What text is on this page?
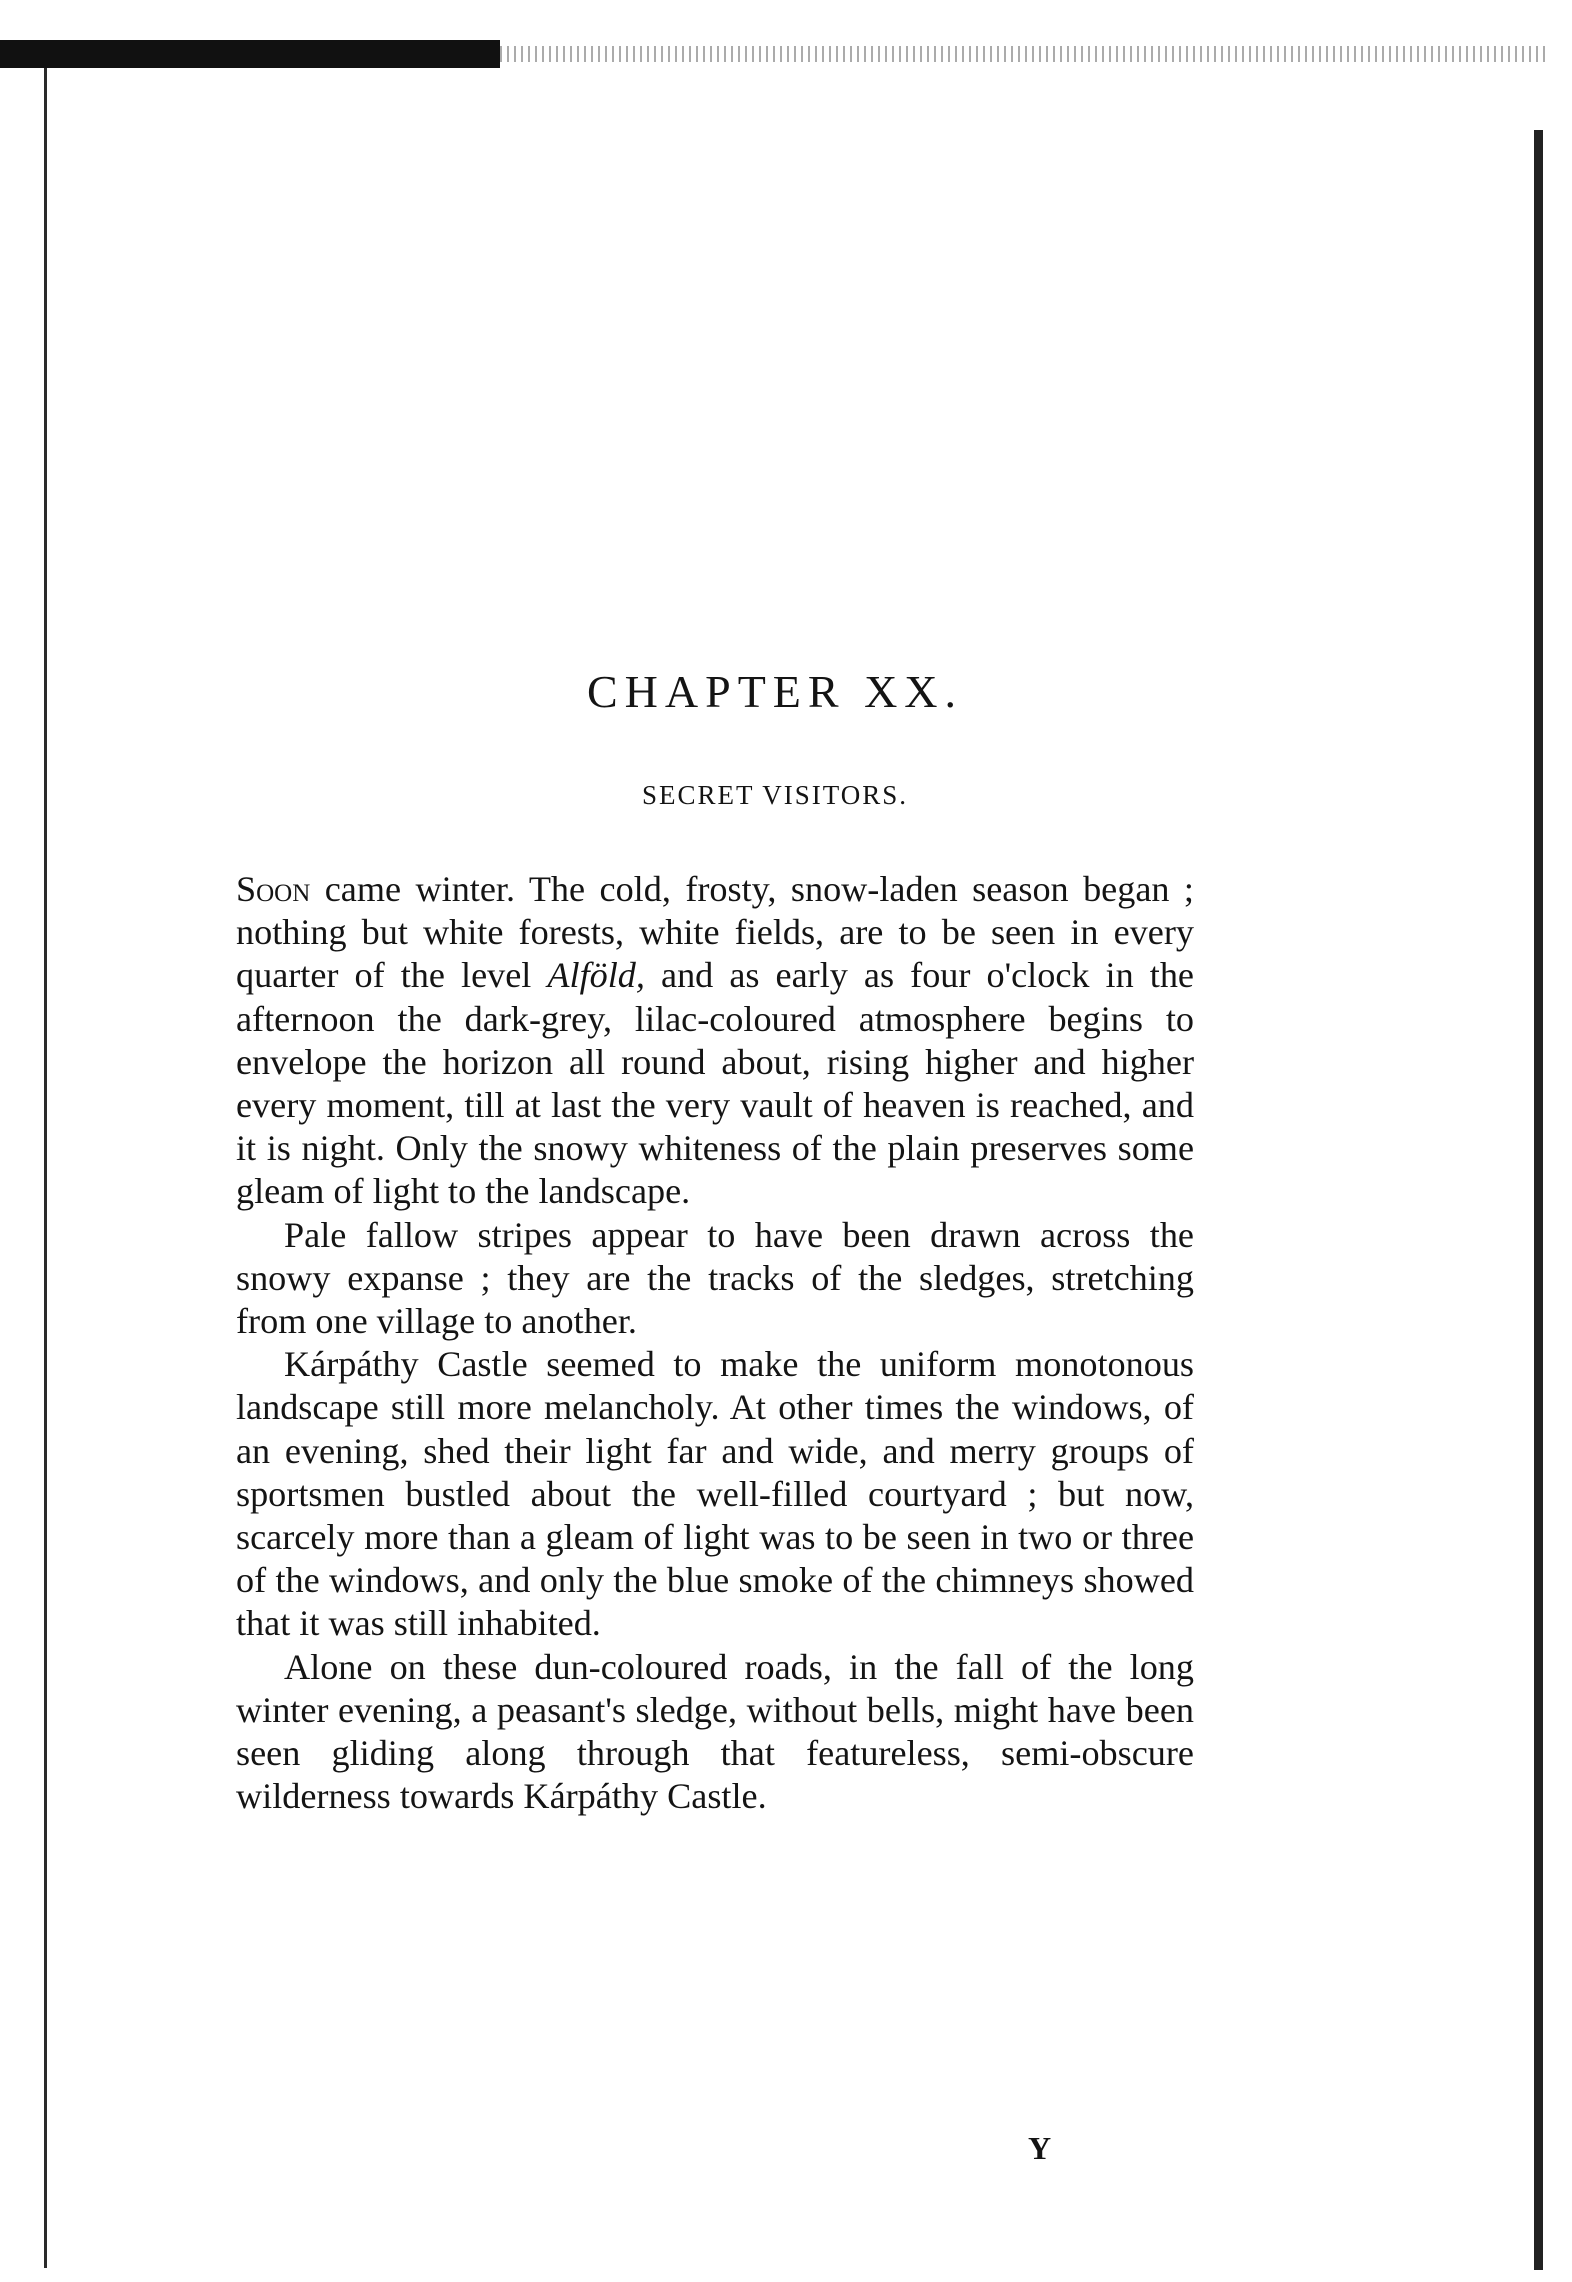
CHAPTER XX.
SECRET VISITORS.

Soon came winter. The cold, frosty, snow-laden season began ; nothing but white forests, white fields, are to be seen in every quarter of the level Alföld, and as early as four o'clock in the afternoon the dark-grey, lilac-coloured atmosphere begins to envelope the horizon all round about, rising higher and higher every moment, till at last the very vault of heaven is reached, and it is night. Only the snowy whiteness of the plain preserves some gleam of light to the landscape.

Pale fallow stripes appear to have been drawn across the snowy expanse ; they are the tracks of the sledges, stretching from one village to another.

Kárpáthy Castle seemed to make the uniform monotonous landscape still more melancholy. At other times the windows, of an evening, shed their light far and wide, and merry groups of sportsmen bustled about the well-filled courtyard ; but now, scarcely more than a gleam of light was to be seen in two or three of the windows, and only the blue smoke of the chimneys showed that it was still inhabited.

Alone on these dun-coloured roads, in the fall of the long winter evening, a peasant's sledge, without bells, might have been seen gliding along through that featureless, semi-obscure wilderness towards Kárpáthy Castle.

Y
